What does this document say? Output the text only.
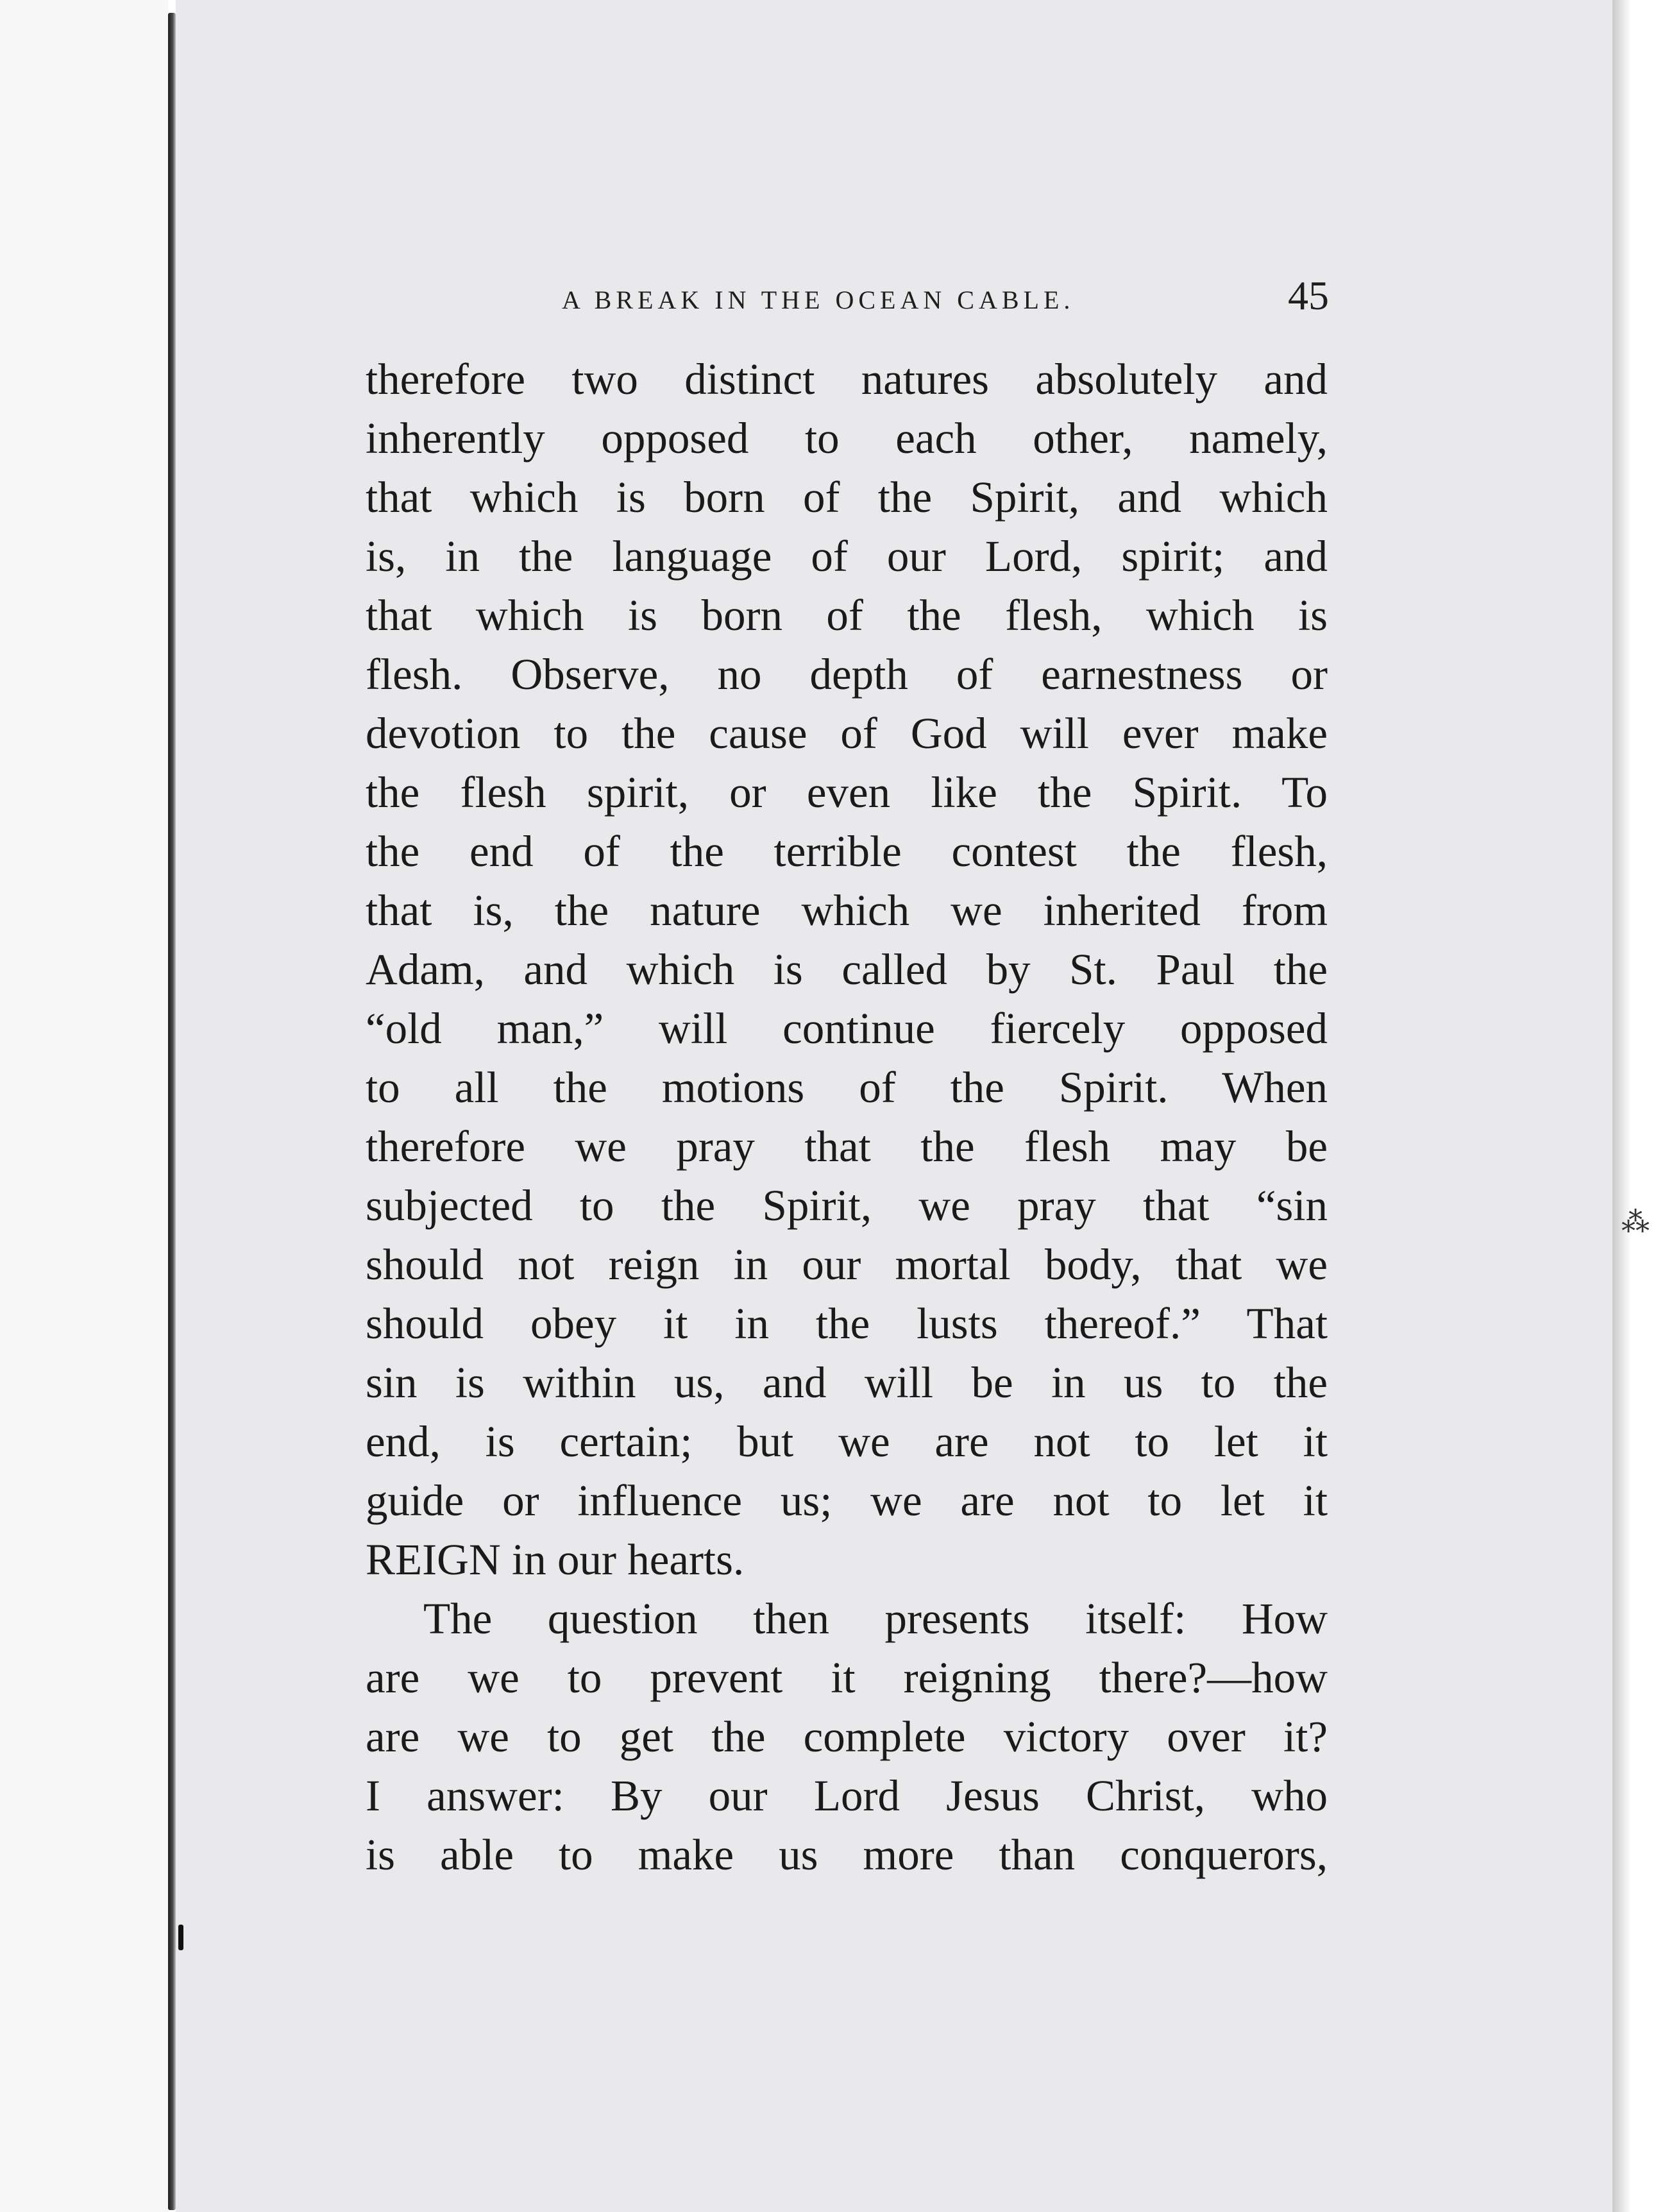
⁂
A BREAK IN THE OCEAN CABLE.	45
therefore two distinct natures absolutely and
inherently opposed to each other, namely,
that which is born of the Spirit, and which
is, in the language of our Lord, spirit; and
that which is born of the flesh, which is
flesh. Observe, no depth of earnestness or
devotion to the cause of God will ever make
the flesh spirit, or even like the Spirit. To
the end of the terrible contest the flesh,
that is, the nature which we inherited from
Adam, and which is called by St. Paul the
“old man,” will continue fiercely opposed
to all the motions of the Spirit. When
therefore we pray that the flesh may be
subjected to the Spirit, we pray that “sin
should not reign in our mortal body, that we
should obey it in the lusts thereof.” That
sin is within us, and will be in us to the
end, is certain; but we are not to let it
guide or influence us; we are not to let it
REIGN in our hearts.
The question then presents itself: How
are we to prevent it reigning there?—how
are we to get the complete victory over it?
I answer: By our Lord Jesus Christ, who
is able to make us more than conquerors,
